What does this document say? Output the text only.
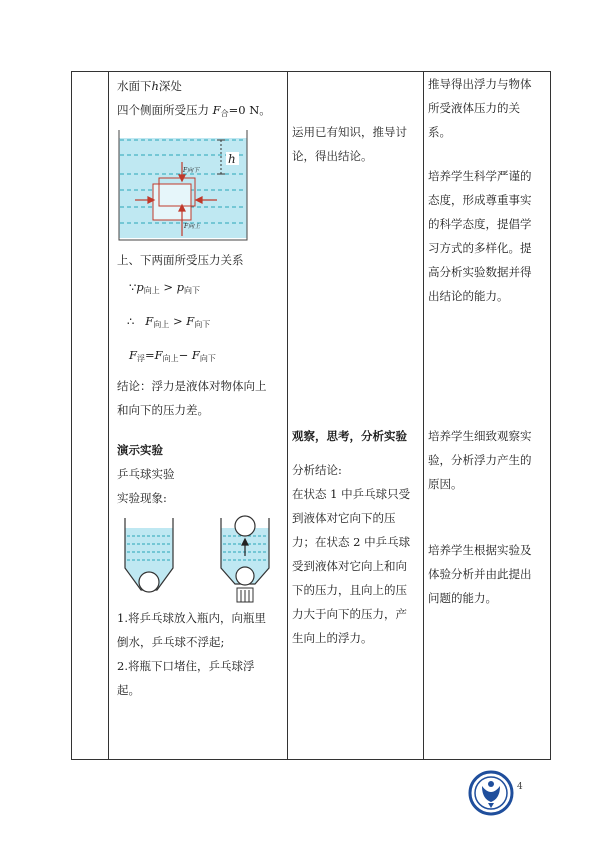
水面下h深处
四个侧面所受压力 $F_合=0$ N。
h
F向下
F向上
上、下两面所受压力关系
$\because p_{向上} > p_{向下}$
∴ $F_{向上} > F_{向下}$
$F_浮=F_{向上}- F_{向下}$
结论：浮力是液体对物体向上
和向下的压力差。
演示实验
乒乓球实验
实验现象:
1.将乒乓球放入瓶内，向瓶里
倒水，乒乓球不浮起;
2.将瓶下口堵住，乒乓球浮
起。
运用已有知识，推导讨
论，得出结论。
观察，思考，分析实验
分析结论:
在状态 1 中乒乓球只受
到液体对它向下的压
力；在状态 2 中乒乓球
受到液体对它向上和向
下的压力，且向上的压
力大于向下的压力，产
生向上的浮力。
推导得出浮力与物体
所受液体压力的关
系。
培养学生科学严谨的
态度，形成尊重事实
的科学态度，提倡学
习方式的多样化。提
高分析实验数据并得
出结论的能力。
培养学生细致观察实
验，分析浮力产生的
原因。
培养学生根据实验及
体验分析并由此提出
问题的能力。
4
